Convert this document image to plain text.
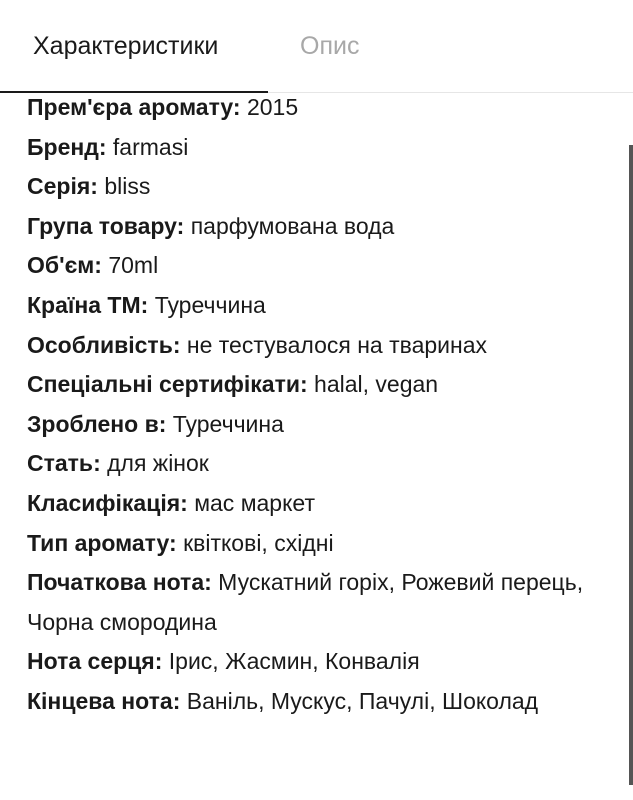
Характеристики	Опис
Прем'єра аромату: 2015
Бренд: farmasi
Серія: bliss
Група товару: парфумована вода
Об'єм: 70ml
Країна ТМ: Туреччина
Особливість: не тестувалося на тваринах
Спеціальні сертифікати: halal, vegan
Зроблено в: Туреччина
Стать: для жінок
Класифікація: мас маркет
Тип аромату: квіткові, східні
Початкова нота: Мускатний горіх, Рожевий перець, Чорна смородина
Нота серця: Ірис, Жасмин, Конвалія
Кінцева нота: Ваніль, Мускус, Пачулі, Шоколад
